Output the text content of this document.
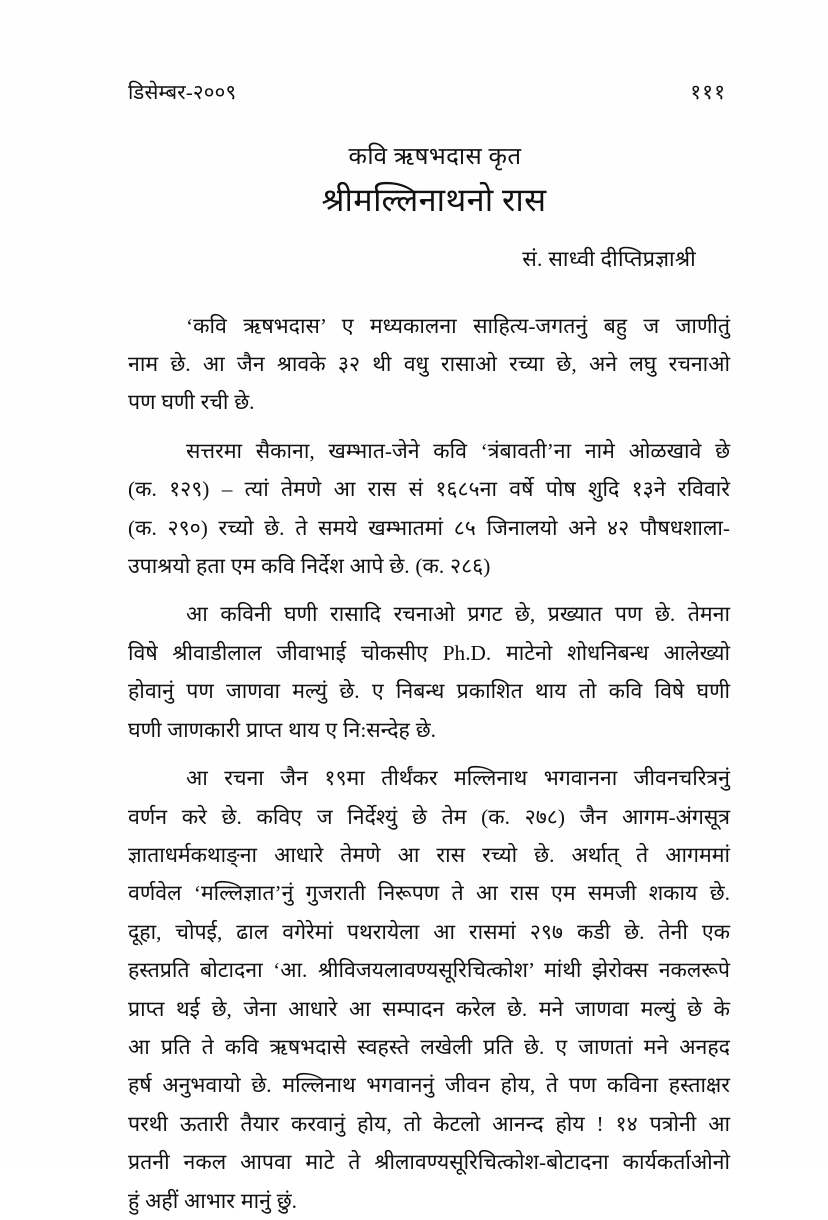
डिसेम्बर-२००९	१११
कवि ऋषभदास कृत
श्रीमल्लिनाथनो रास
सं. साध्वी दीप्तिप्रज्ञाश्री

‘कवि ऋषभदास’ ए मध्यकालना साहित्य-जगतनुं बहु ज जाणीतुं
नाम छे. आ जैन श्रावके ३२ थी वधु रासाओ रच्या छे, अने लघु रचनाओ
पण घणी रची छे.

सत्तरमा सैकाना, खम्भात-जेने कवि ‘त्रंबावती’ना नामे ओळखावे छे
(क. १२९) – त्यां तेमणे आ रास सं १६८५ना वर्षे पोष शुदि १३ने रविवारे
(क. २९०) रच्यो छे. ते समये खम्भातमां ८५ जिनालयो अने ४२ पौषधशाला-
उपाश्रयो हता एम कवि निर्देश आपे छे. (क. २८६)

आ कविनी घणी रासादि रचनाओ प्रगट छे, प्रख्यात पण छे. तेमना
विषे श्रीवाडीलाल जीवाभाई चोकसीए Ph.D. माटेनो शोधनिबन्ध आलेख्यो
होवानुं पण जाणवा मल्युं छे. ए निबन्ध प्रकाशित थाय तो कवि विषे घणी
घणी जाणकारी प्राप्त थाय ए नि:सन्देह छे.

आ रचना जैन १९मा तीर्थंकर मल्लिनाथ भगवानना जीवनचरित्रनुं
वर्णन करे छे. कविए ज निर्देश्युं छे तेम (क. २७८) जैन आगम-अंगसूत्र
ज्ञाताधर्मकथाङ्ना आधारे तेमणे आ रास रच्यो छे. अर्थात् ते आगममां
वर्णवेल ‘मल्लिज्ञात’नुं गुजराती निरूपण ते आ रास एम समजी शकाय छे.
दूहा, चोपई, ढाल वगेरेमां पथरायेला आ रासमां २९७ कडी छे. तेनी एक
हस्तप्रति बोटादना ‘आ. श्रीविजयलावण्यसूरिचित्कोश’ मांथी झेरोक्स नकलरूपे
प्राप्त थई छे, जेना आधारे आ सम्पादन करेल छे. मने जाणवा मल्युं छे के
आ प्रति ते कवि ऋषभदासे स्वहस्ते लखेली प्रति छे. ए जाणतां मने अनहद
हर्ष अनुभवायो छे. मल्लिनाथ भगवाननुं जीवन होय, ते पण कविना हस्ताक्षर
परथी ऊतारी तैयार करवानुं होय, तो केटलो आनन्द होय ! १४ पत्रोनी आ
प्रतनी नकल आपवा माटे ते श्रीलावण्यसूरिचित्कोश-बोटादना कार्यकर्ताओनो
हुं अहीं आभार मानुं छुं.
